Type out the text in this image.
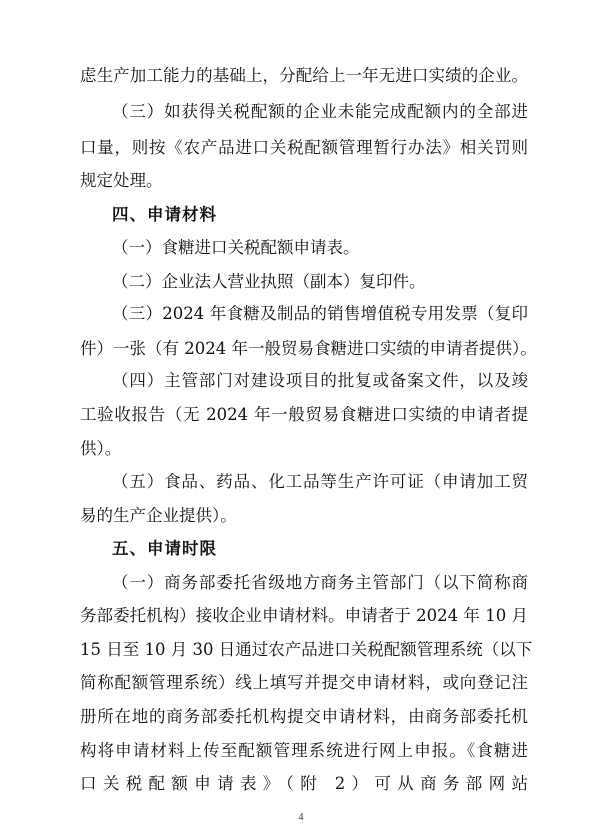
虑生产加工能力的基础上，分配给上一年无进口实绩的企业。
（三）如获得关税配额的企业未能完成配额内的全部进
口量，则按《农产品进口关税配额管理暂行办法》相关罚则
规定处理。
四、申请材料
（一）食糖进口关税配额申请表。
（二）企业法人营业执照（副本）复印件。
（三）2024 年食糖及制品的销售增值税专用发票（复印
件）一张（有 2024 年一般贸易食糖进口实绩的申请者提供）。
（四）主管部门对建设项目的批复或备案文件，以及竣
工验收报告（无 2024 年一般贸易食糖进口实绩的申请者提
供）。
（五）食品、药品、化工品等生产许可证（申请加工贸
易的生产企业提供）。
五、申请时限
（一）商务部委托省级地方商务主管部门（以下简称商
务部委托机构）接收企业申请材料。申请者于 2024 年 10 月
15 日至 10 月 30 日通过农产品进口关税配额管理系统（以下
简称配额管理系统）线上填写并提交申请材料，或向登记注
册所在地的商务部委托机构提交申请材料，由商务部委托机
构将申请材料上传至配额管理系统进行网上申报。《食糖进
口关税配额申请表》（附 2）可从商务部网站
4
